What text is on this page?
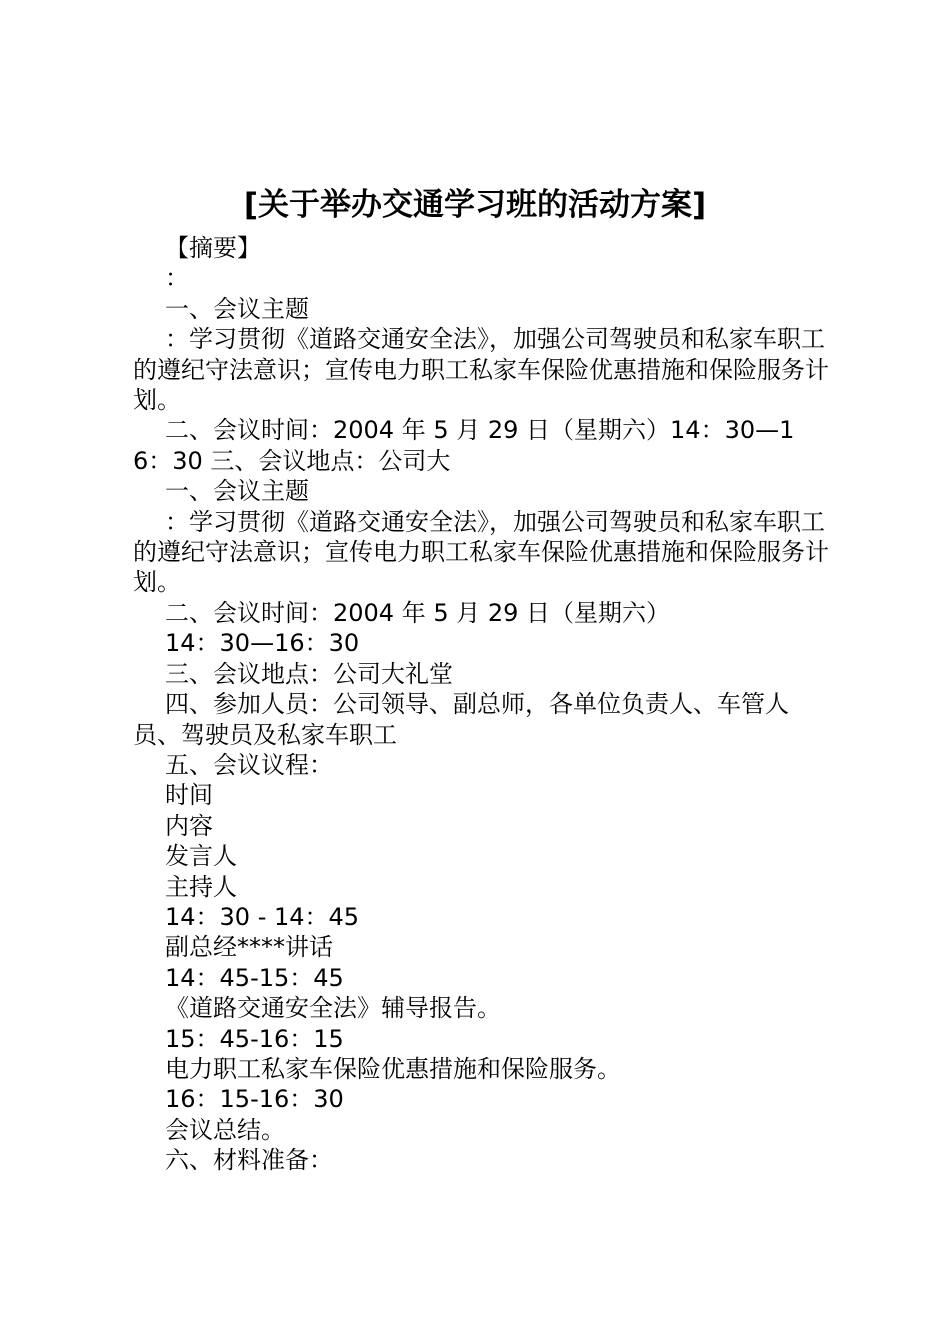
[关于举办交通学习班的活动方案]

【摘要】

：

一、会议主题

：学习贯彻《道路交通安全法》，加强公司驾驶员和私家车职工的遵纪守法意识；宣传电力职工私家车保险优惠措施和保险服务计划。

二、会议时间：2004 年 5 月 29 日（星期六）14：30—16：30 三、会议地点：公司大

一、会议主题

：学习贯彻《道路交通安全法》，加强公司驾驶员和私家车职工的遵纪守法意识；宣传电力职工私家车保险优惠措施和保险服务计划。

二、会议时间：2004 年 5 月 29 日（星期六）

14：30—16：30

三、会议地点：公司大礼堂

四、参加人员：公司领导、副总师，各单位负责人、车管人员、驾驶员及私家车职工

五、会议议程：

时间

内容

发言人

主持人

14：30 - 14：45

副总经****讲话

14：45-15：45

《道路交通安全法》辅导报告。

15：45-16：15

电力职工私家车保险优惠措施和保险服务。

16：15-16：30

会议总结。

六、材料准备：
